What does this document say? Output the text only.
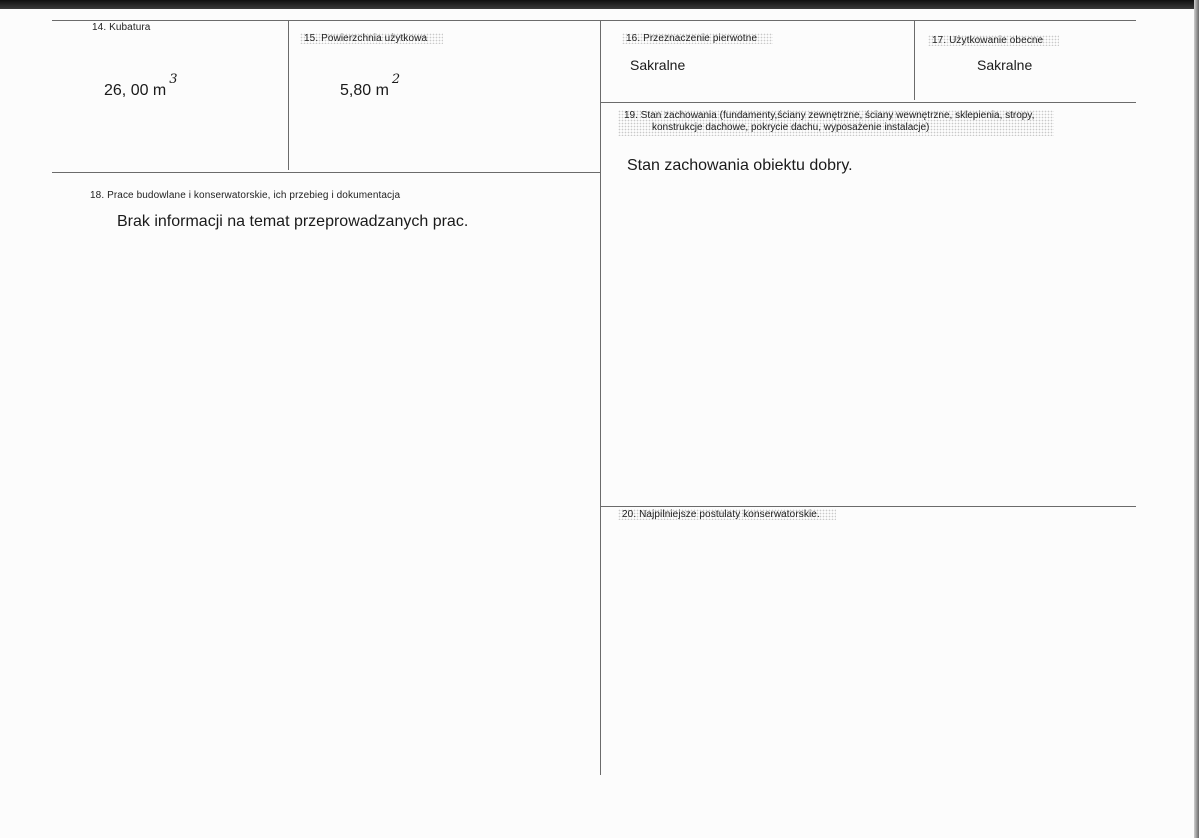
14. Kubatura
26, 00 $m^3$
15. Powierzchnia użytkowa
5,80 $m^2$
16. Przeznaczenie pierwotne
Sakralne
17. Użytkowanie obecne
Sakralne
18. Prace budowlane i konserwatorskie, ich przebieg i dokumentacja
Brak informacji na temat przeprowadzanych prac.
19. Stan zachowania (fundamenty,ściany zewnętrzne, ściany wewnętrzne, sklepienia, stropy,
konstrukcje dachowe, pokrycie dachu, wyposażenie instalacje)
Stan zachowania obiektu dobry.
20. Najpilniejsze postulaty konserwatorskie.
